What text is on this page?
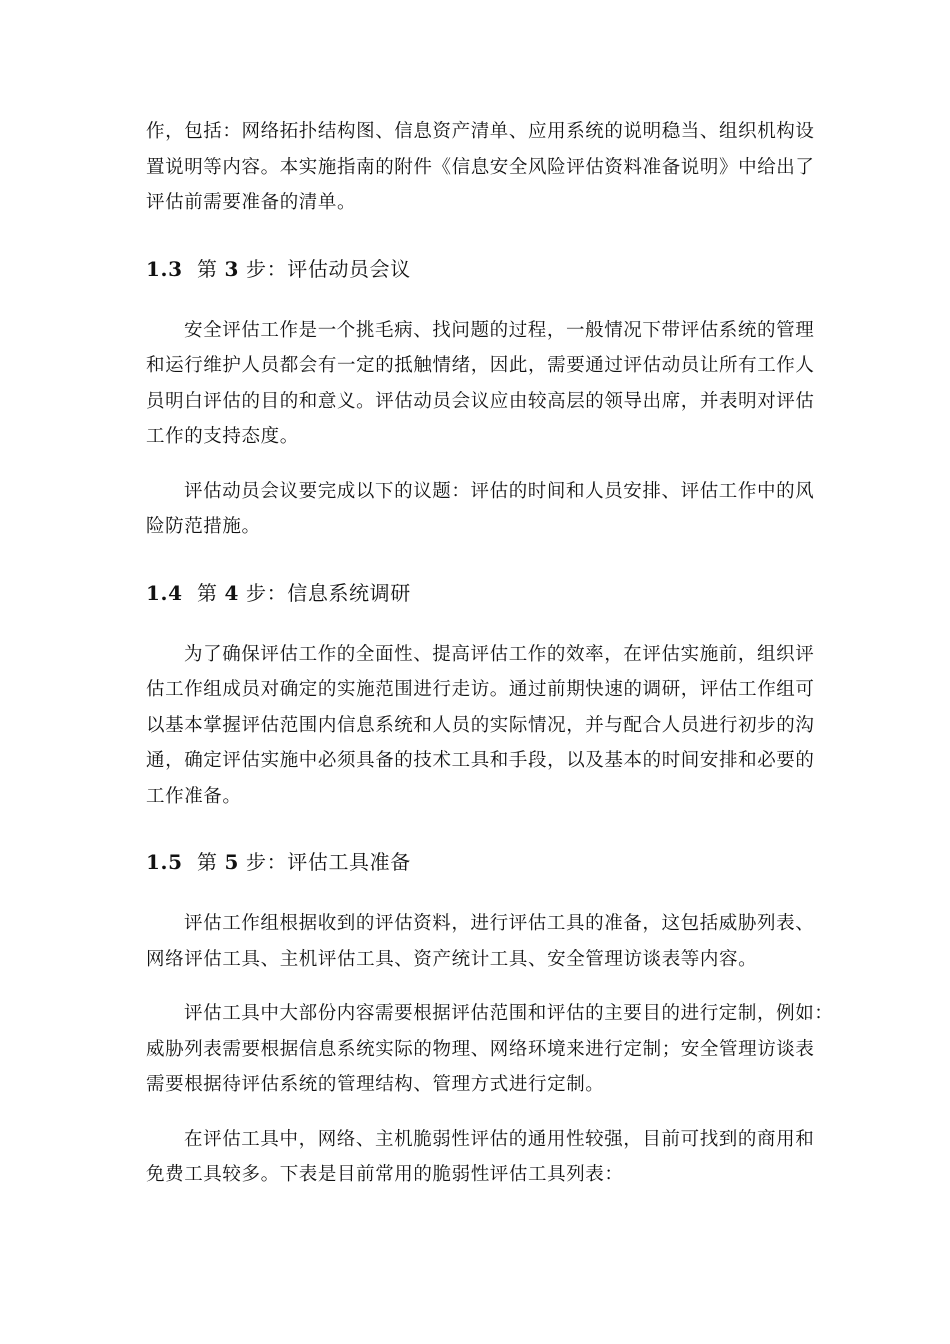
作，包括：网络拓扑结构图、信息资产清单、应用系统的说明稳当、组织机构设
置说明等内容。本实施指南的附件《信息安全风险评估资料准备说明》中给出了
评估前需要准备的清单。
1.3 第 3 步：评估动员会议
安全评估工作是一个挑毛病、找问题的过程，一般情况下带评估系统的管理
和运行维护人员都会有一定的抵触情绪，因此，需要通过评估动员让所有工作人
员明白评估的目的和意义。评估动员会议应由较高层的领导出席，并表明对评估
工作的支持态度。
评估动员会议要完成以下的议题：评估的时间和人员安排、评估工作中的风
险防范措施。
1.4 第 4 步：信息系统调研
为了确保评估工作的全面性、提高评估工作的效率，在评估实施前，组织评
估工作组成员对确定的实施范围进行走访。通过前期快速的调研，评估工作组可
以基本掌握评估范围内信息系统和人员的实际情况，并与配合人员进行初步的沟
通，确定评估实施中必须具备的技术工具和手段，以及基本的时间安排和必要的
工作准备。
1.5 第 5 步：评估工具准备
评估工作组根据收到的评估资料，进行评估工具的准备，这包括威胁列表、
网络评估工具、主机评估工具、资产统计工具、安全管理访谈表等内容。
评估工具中大部份内容需要根据评估范围和评估的主要目的进行定制，例如：
威胁列表需要根据信息系统实际的物理、网络环境来进行定制；安全管理访谈表
需要根据待评估系统的管理结构、管理方式进行定制。
在评估工具中，网络、主机脆弱性评估的通用性较强，目前可找到的商用和
免费工具较多。下表是目前常用的脆弱性评估工具列表：
